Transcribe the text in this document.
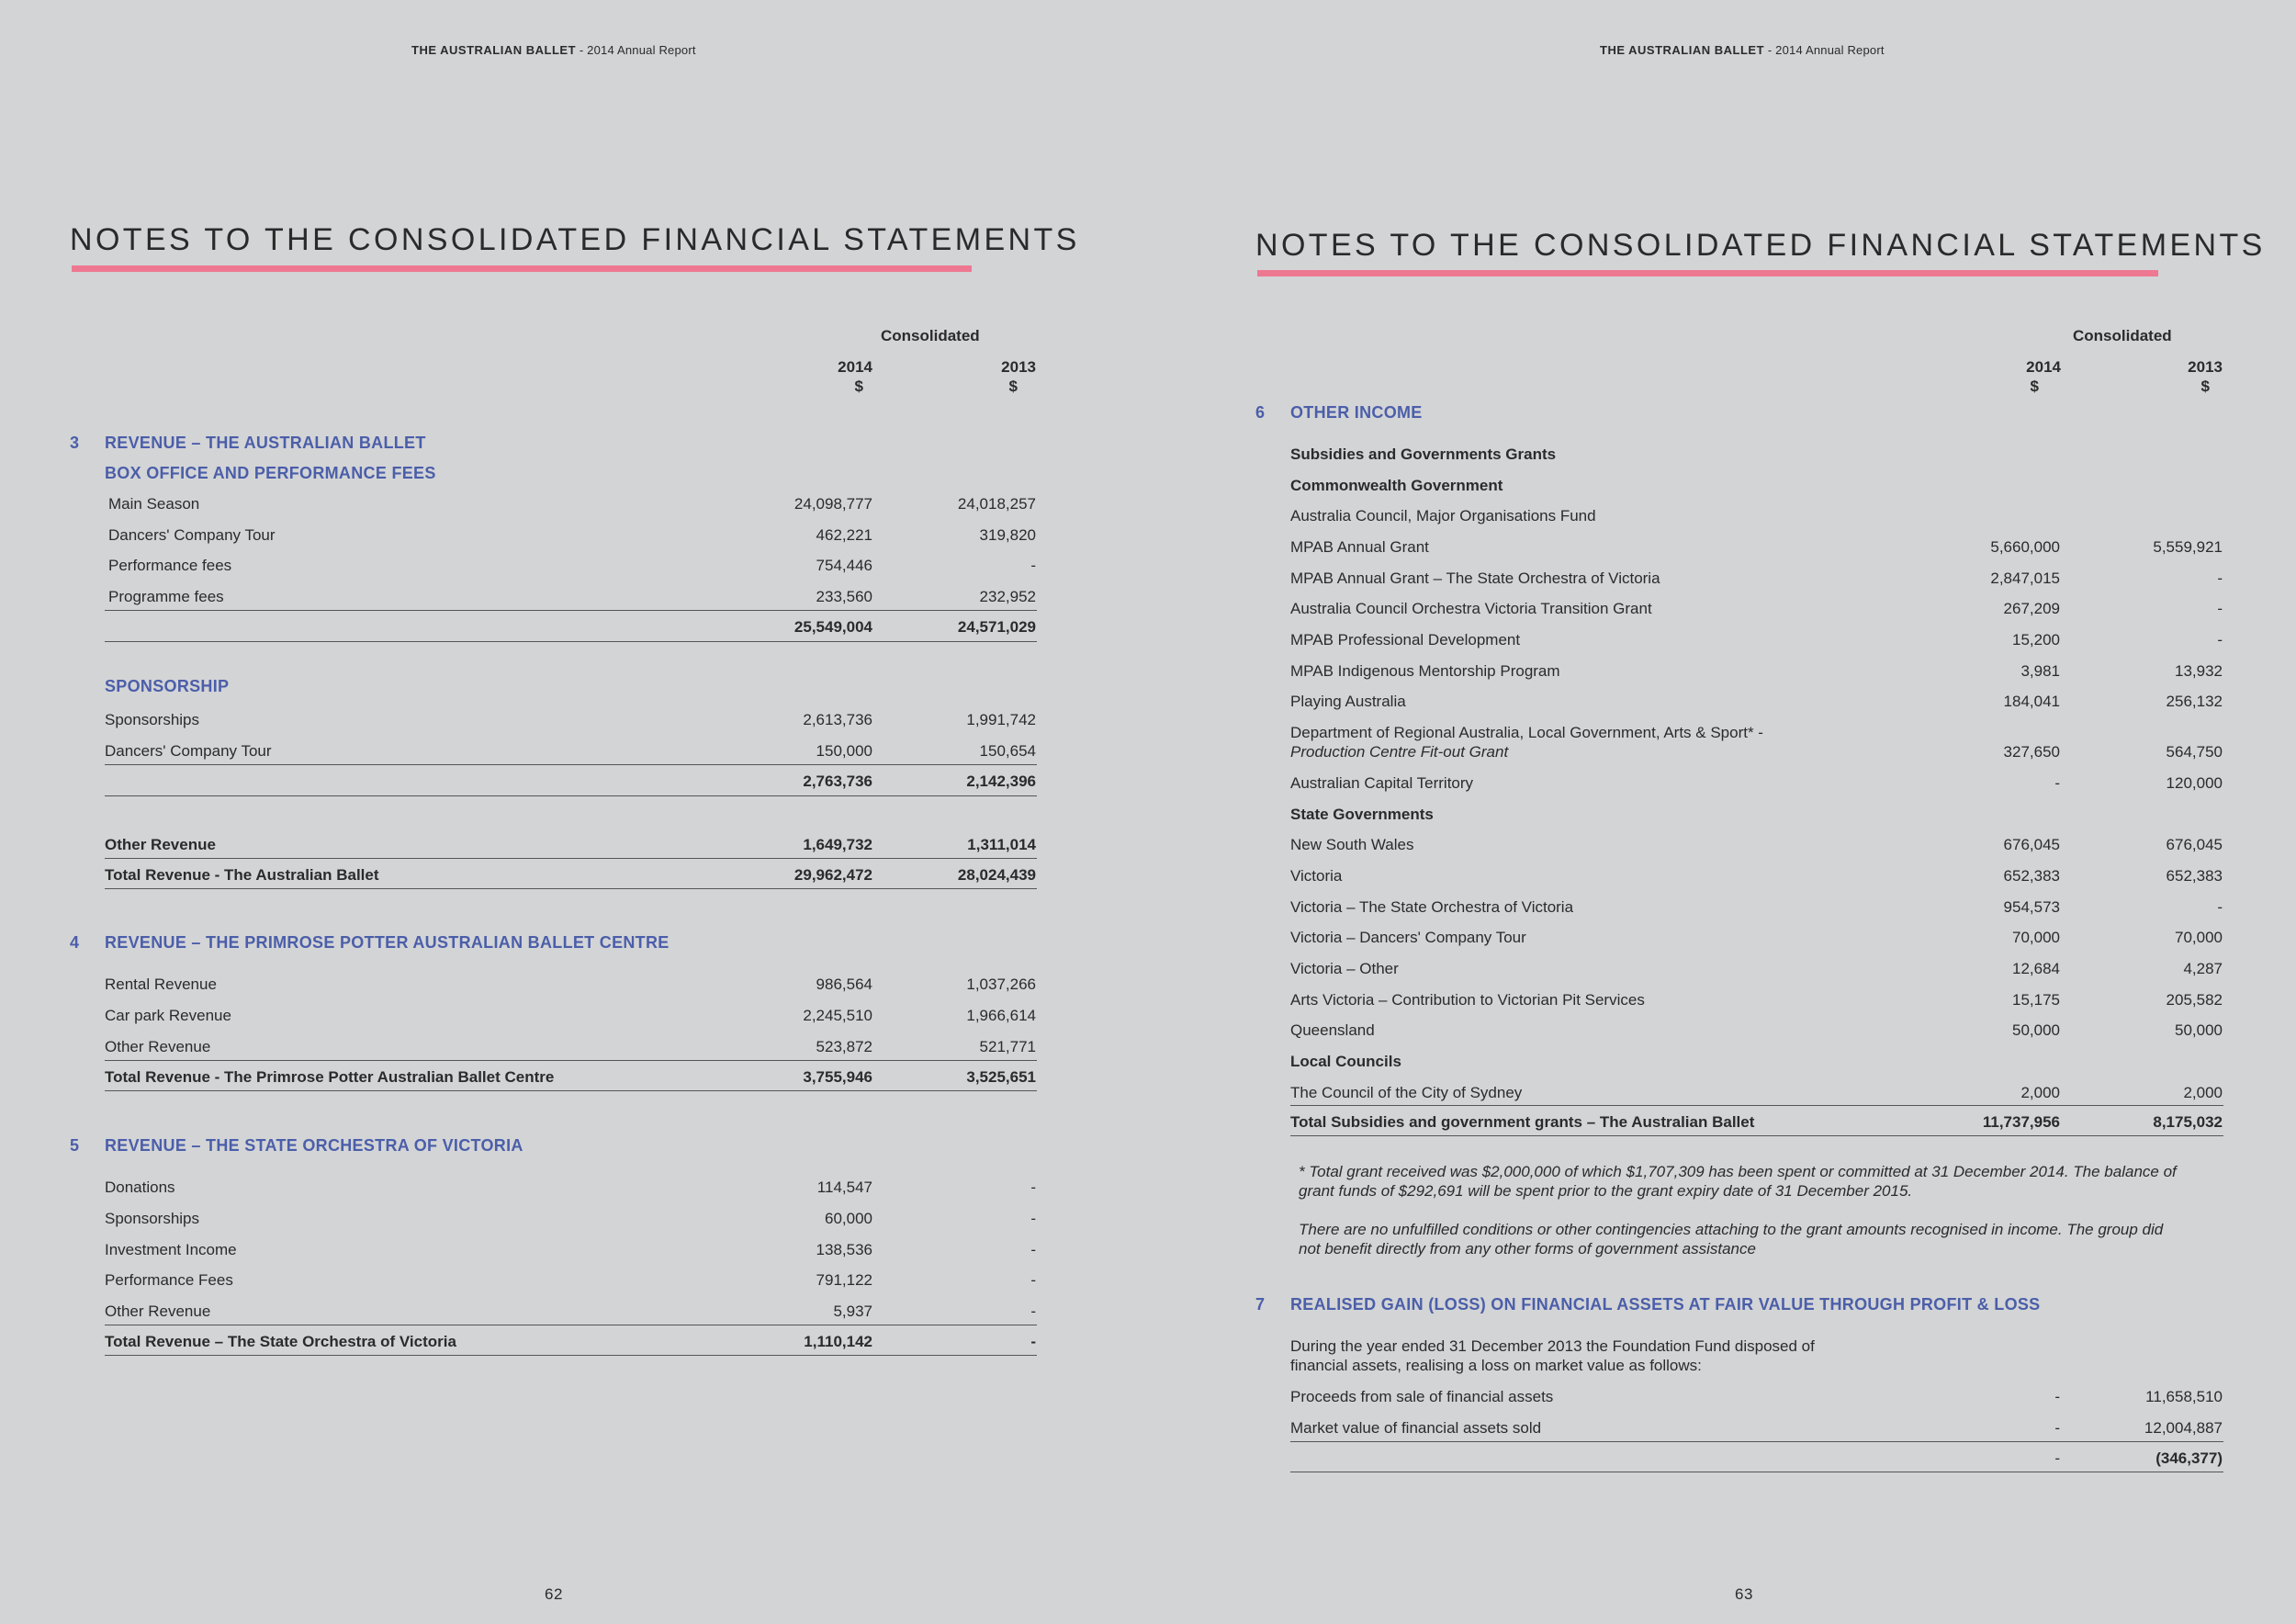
THE AUSTRALIAN BALLET - 2014 Annual Report
NOTES TO THE CONSOLIDATED FINANCIAL STATEMENTS
Consolidated
2014
$
2013
$
3 REVENUE – THE AUSTRALIAN BALLET
BOX OFFICE AND PERFORMANCE FEES
Main Season	24,098,777	24,018,257
Dancers' Company Tour	462,221	319,820
Performance fees	754,446	-
Programme fees	233,560	232,952
25,549,004	24,571,029
SPONSORSHIP
Sponsorships	2,613,736	1,991,742
Dancers' Company Tour	150,000	150,654
2,763,736	2,142,396
Other Revenue	1,649,732	1,311,014
Total Revenue - The Australian Ballet	29,962,472	28,024,439
4 REVENUE – THE PRIMROSE POTTER AUSTRALIAN BALLET CENTRE
Rental Revenue	986,564	1,037,266
Car park Revenue	2,245,510	1,966,614
Other Revenue	523,872	521,771
Total Revenue - The Primrose Potter Australian Ballet Centre	3,755,946	3,525,651
5 REVENUE – THE STATE ORCHESTRA OF VICTORIA
Donations	114,547	-
Sponsorships	60,000	-
Investment Income	138,536	-
Performance Fees	791,122	-
Other Revenue	5,937	-
Total Revenue – The State Orchestra of Victoria	1,110,142	-
62
THE AUSTRALIAN BALLET - 2014 Annual Report
NOTES TO THE CONSOLIDATED FINANCIAL STATEMENTS
Consolidated
2014
$
2013
$
6 OTHER INCOME
Subsidies and Governments Grants
Commonwealth Government
Australia Council, Major Organisations Fund
MPAB Annual Grant	5,660,000	5,559,921
MPAB Annual Grant – The State Orchestra of Victoria	2,847,015	-
Australia Council Orchestra Victoria Transition Grant	267,209	-
MPAB Professional Development	15,200	-
MPAB Indigenous Mentorship Program	3,981	13,932
Playing Australia	184,041	256,132
Department of Regional Australia, Local Government, Arts & Sport* -
Production Centre Fit-out Grant	327,650	564,750
Australian Capital Territory	-	120,000
State Governments
New South Wales	676,045	676,045
Victoria	652,383	652,383
Victoria – The State Orchestra of Victoria	954,573	-
Victoria – Dancers' Company Tour	70,000	70,000
Victoria – Other	12,684	4,287
Arts Victoria – Contribution to Victorian Pit Services	15,175	205,582
Queensland	50,000	50,000
Local Councils
The Council of the City of Sydney	2,000	2,000
Total Subsidies and government grants – The Australian Ballet	11,737,956	8,175,032
* Total grant received was $2,000,000 of which $1,707,309 has been spent or committed at 31 December 2014. The balance of
grant funds of $292,691 will be spent prior to the grant expiry date of 31 December 2015.
There are no unfulfilled conditions or other contingencies attaching to the grant amounts recognised in income. The group did
not benefit directly from any other forms of government assistance
7 REALISED GAIN (LOSS) ON FINANCIAL ASSETS AT FAIR VALUE THROUGH PROFIT & LOSS
During the year ended 31 December 2013 the Foundation Fund disposed of
financial assets, realising a loss on market value as follows:
Proceeds from sale of financial assets	-	11,658,510
Market value of financial assets sold	-	12,004,887
-	(346,377)
63
